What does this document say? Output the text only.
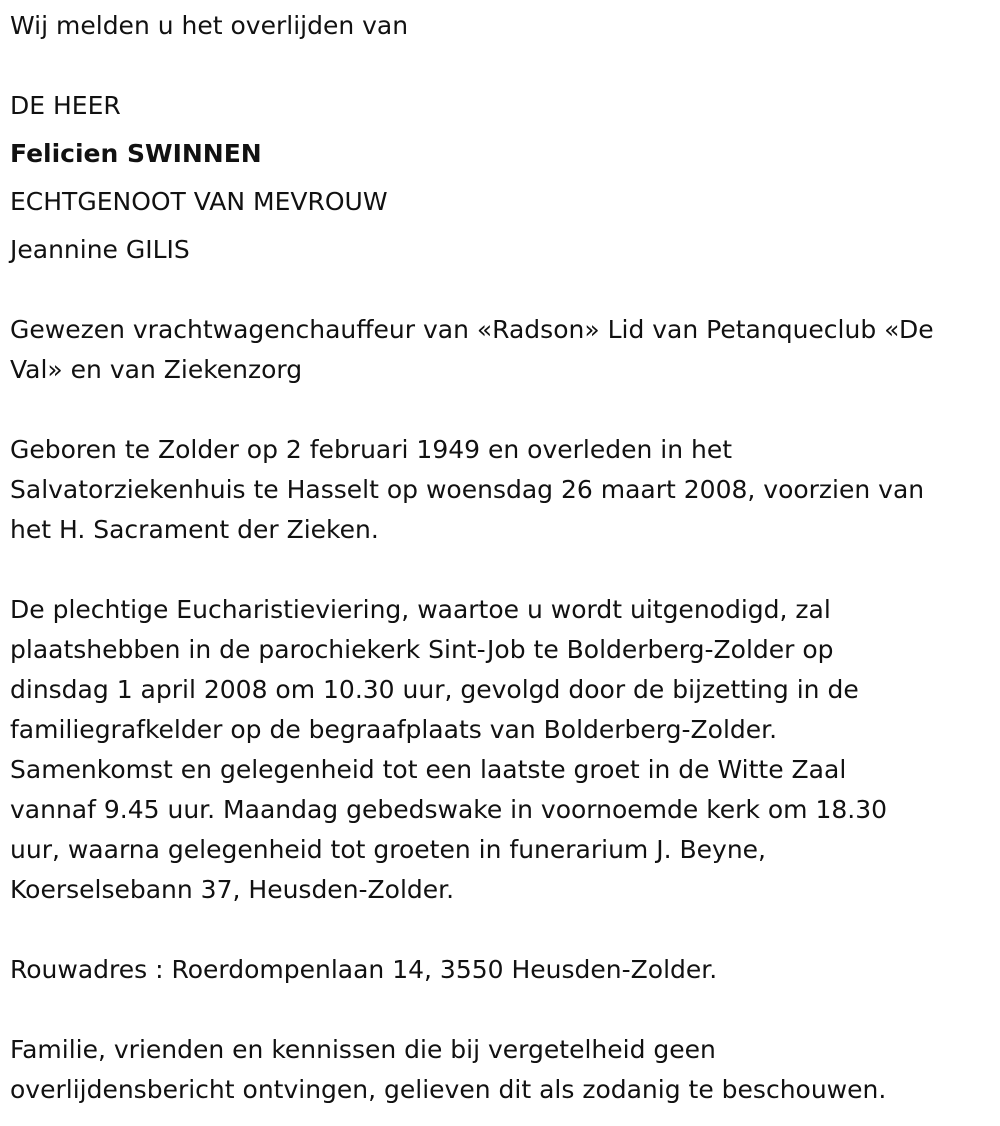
Wij melden u het overlijden van
DE HEER
Felicien SWINNEN
ECHTGENOOT VAN MEVROUW
Jeannine GILIS
Gewezen vrachtwagenchauffeur van «Radson» Lid van Petanqueclub «De
Val» en van Ziekenzorg
Geboren te Zolder op 2 februari 1949 en overleden in het
Salvatorziekenhuis te Hasselt op woensdag 26 maart 2008, voorzien van
het H. Sacrament der Zieken.
De plechtige Eucharistieviering, waartoe u wordt uitgenodigd, zal
plaatshebben in de parochiekerk Sint-Job te Bolderberg-Zolder op
dinsdag 1 april 2008 om 10.30 uur, gevolgd door de bijzetting in de
familiegrafkelder op de begraafplaats van Bolderberg-Zolder.
Samenkomst en gelegenheid tot een laatste groet in de Witte Zaal
vannaf 9.45 uur. Maandag gebedswake in voornoemde kerk om 18.30
uur, waarna gelegenheid tot groeten in funerarium J. Beyne,
Koerselsebann 37, Heusden-Zolder.
Rouwadres : Roerdompenlaan 14, 3550 Heusden-Zolder.
Familie, vrienden en kennissen die bij vergetelheid geen
overlijdensbericht ontvingen, gelieven dit als zodanig te beschouwen.
